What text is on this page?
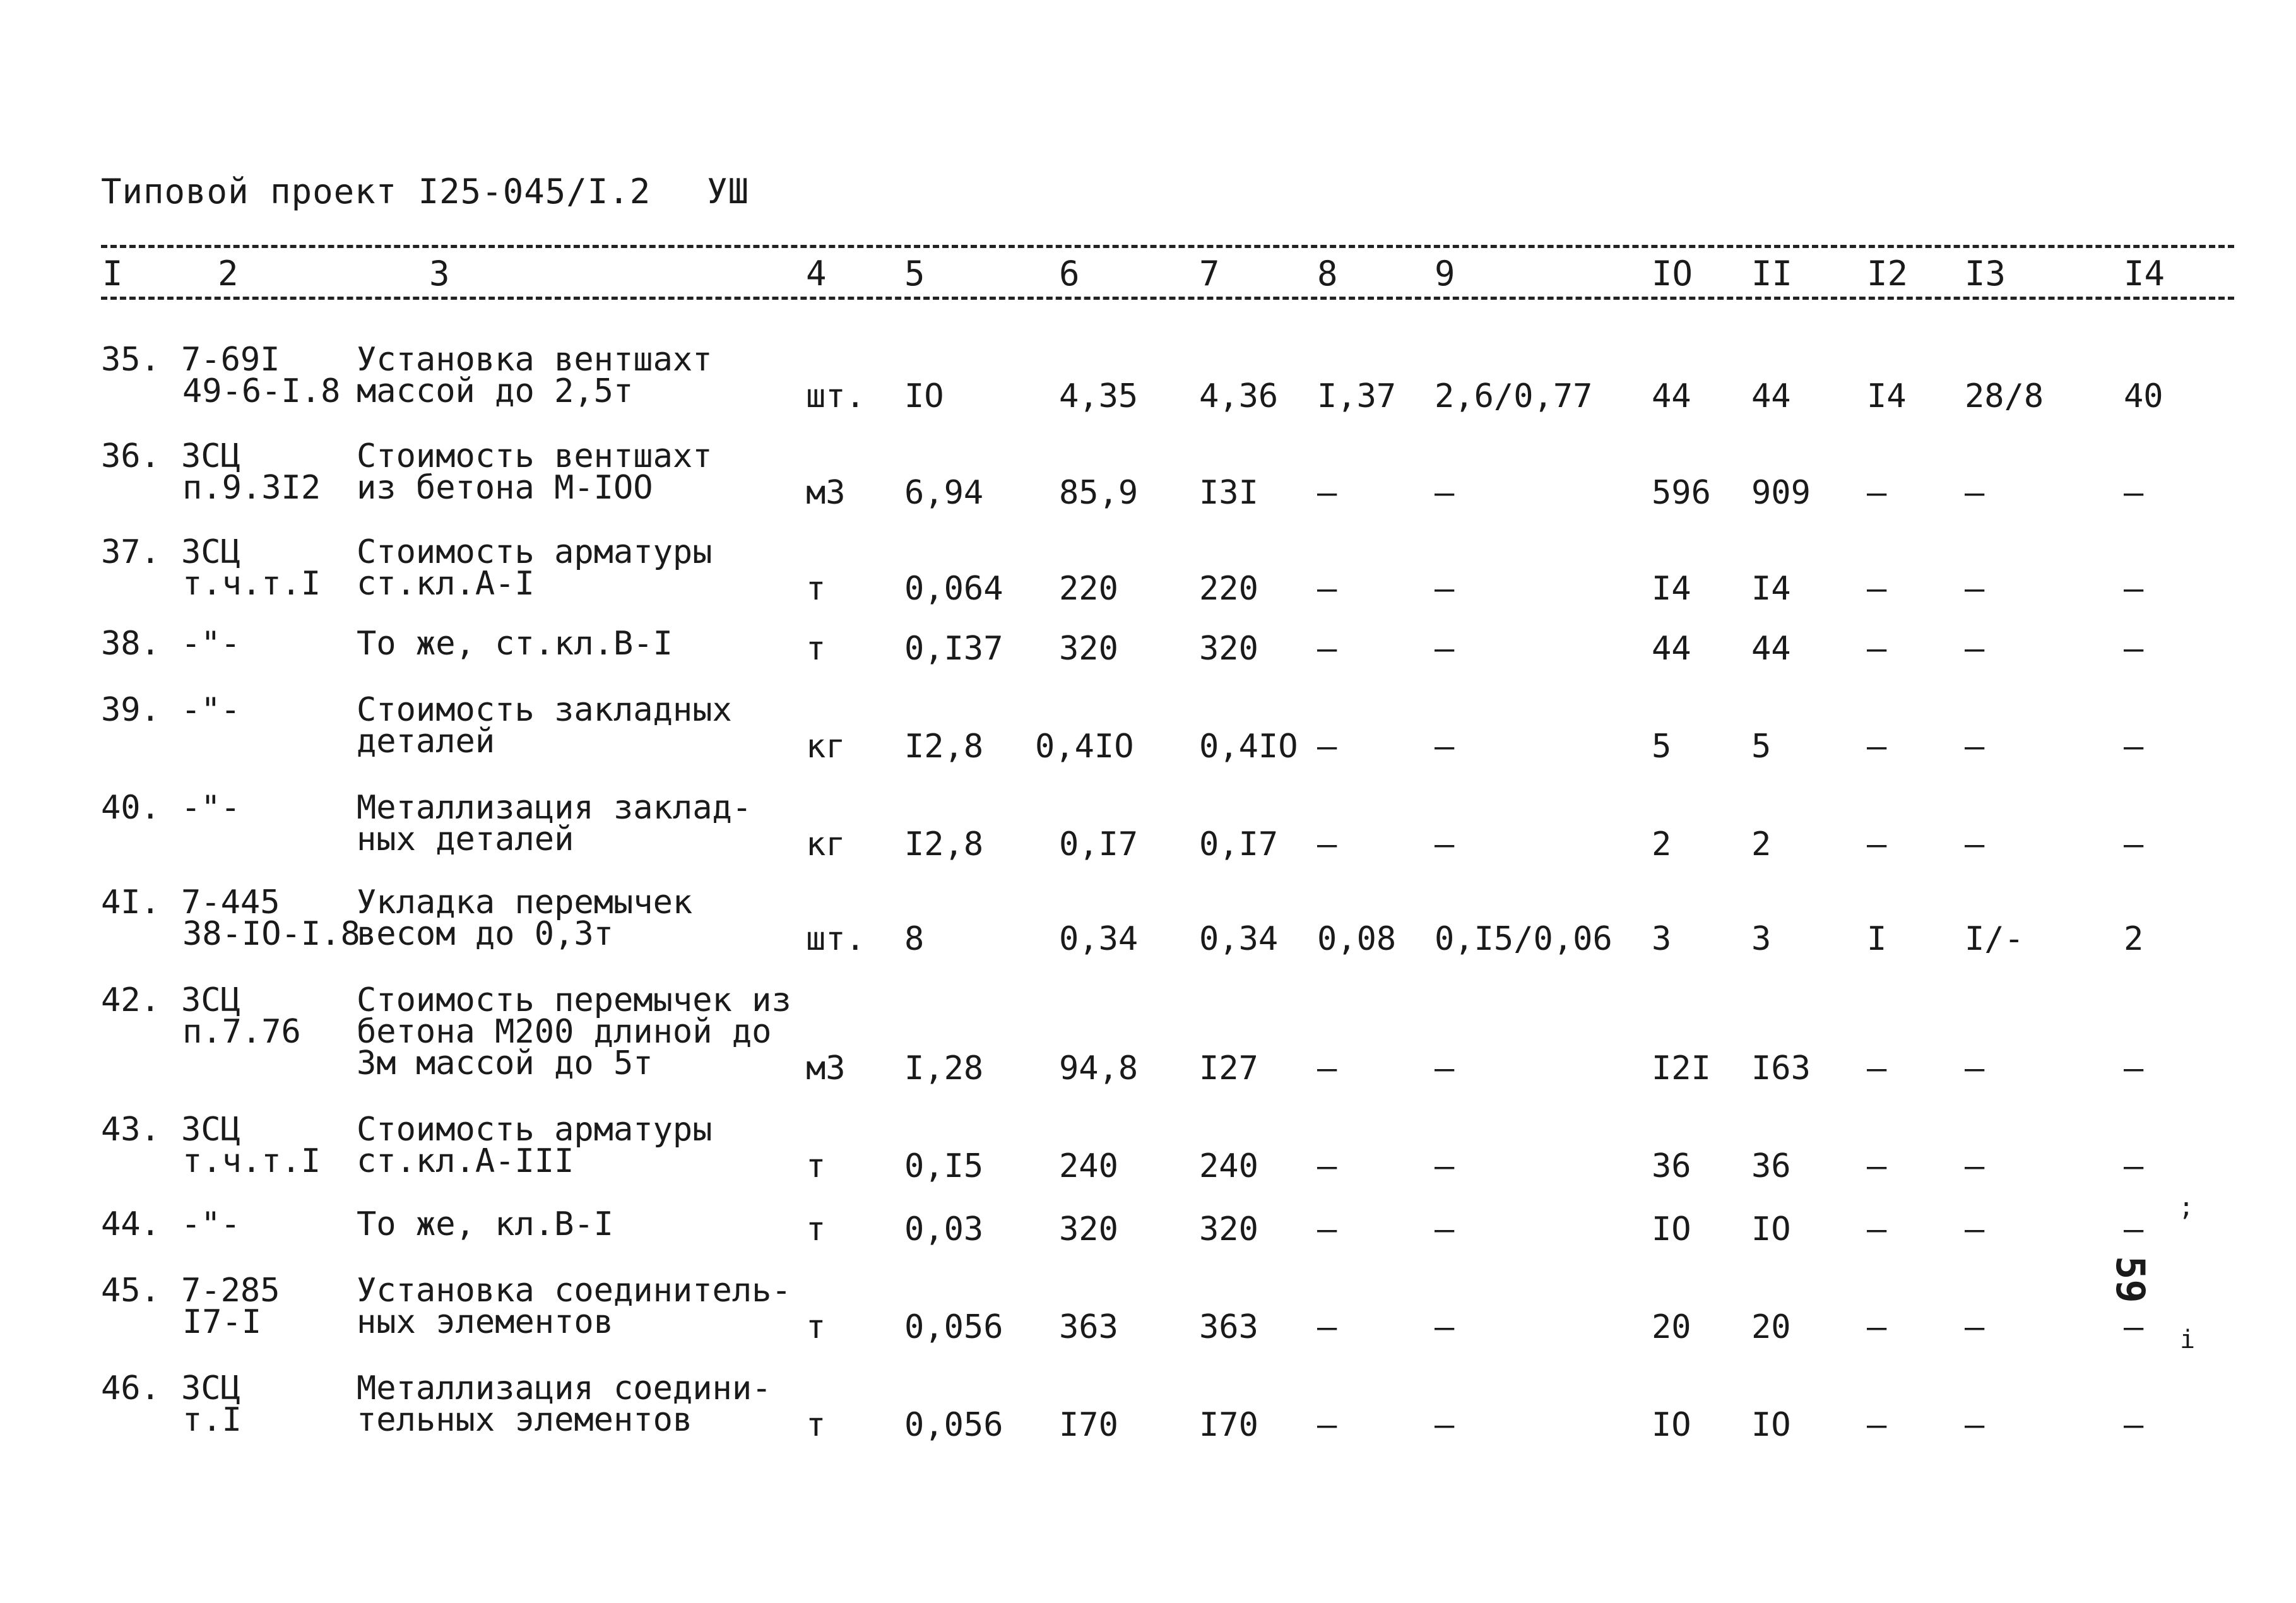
Типовой проект I25-045/I.2 УШ
I	2	3	4 5	6	7	8	9	IO II I2 I3	I4
35. 7-69I
49-6-I.8
Установка вентшахт
массой до 2,5т	шт. IO	4,35 4,36 I,37 2,6/0,77 44 44 I4 28/8 40
36. ЗСЦ
п.9.3I2
Стоимость вентшахт
из бетона М-IOO	м3 6,94 85,9 I3I –	–	596 909 – –	–
37. ЗСЦ
т.ч.т.I
Стоимость арматуры
ст.кл.А-I	т 0,064 220 220 –	–	I4 I4 – –	–
38. -"-	То же, ст.кл.В-I	т 0,I37 320 320 –	–	44 44 – –	–
39. -"-	Стоимость закладных
деталей	кг I2,8 0,4IO 0,4IO –	–	5 5	– –	–
40. -"-	Металлизация заклад-
ных деталей	кг I2,8 0,I7 0,I7 –	–	2 2	– –	–
4I. 7-445
38-IO-I.8
Укладка перемычек
весом до 0,3т	шт. 8	0,34 0,34 0,08 0,I5/0,06 3 3	I I/-	2
42. ЗСЦ
п.7.76
Стоимость перемычек из
бетона М200 длиной до
3м массой до 5т	м3 I,28 94,8 I27 –	–	I2I I63 – –	–
43. ЗСЦ
т.ч.т.I
Стоимость арматуры
ст.кл.А-III	т 0,I5 240 240 –	–	36 36 – –	–
44. -"-	То же, кл.В-I	т 0,03 320 320 –	–	IO IO – –	–
45. 7-285
I7-I
Установка соединитель-
ных элементов	т 0,056 363 363 –	–	20 20 – –	–
46. ЗСЦ
т.I
Металлизация соедини-
тельных элементов	т 0,056 I70 I70 –	–	IO IO – –	–
59
;
i
